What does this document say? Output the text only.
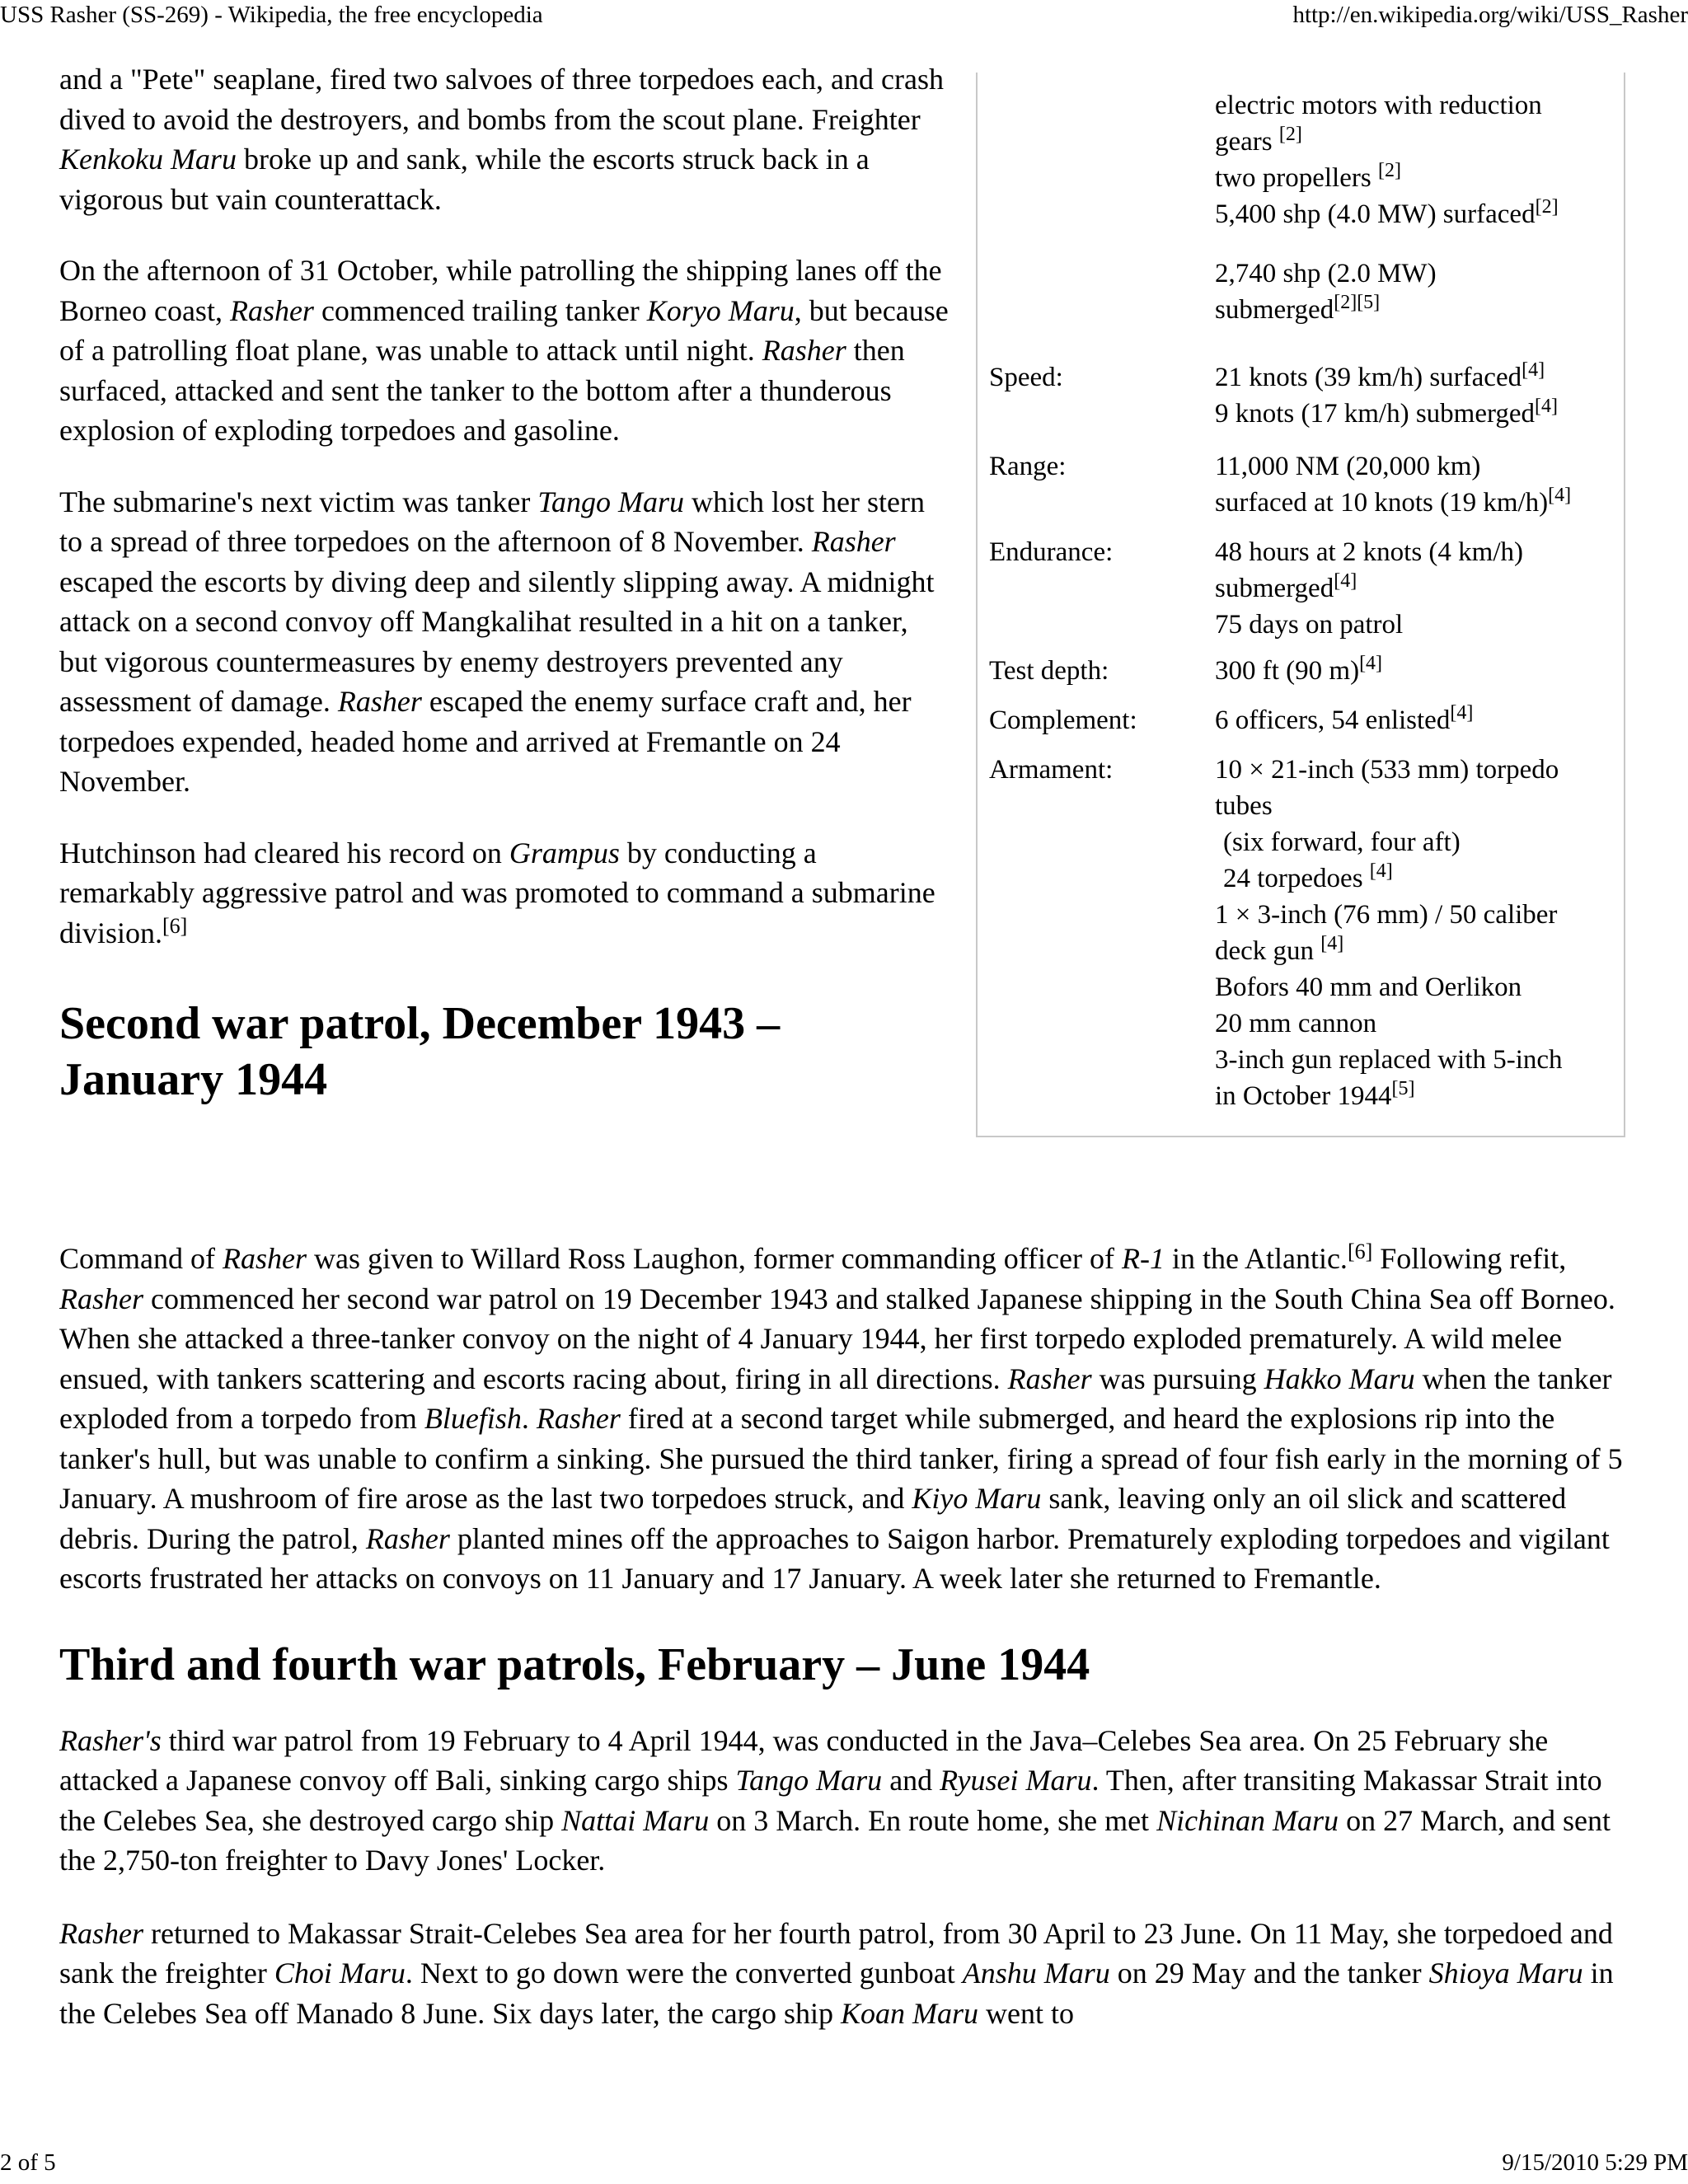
USS Rasher (SS-269) - Wikipedia, the free encyclopedia	http://en.wikipedia.org/wiki/USS_Rasher
electric motors with reduction
gears [2]
two propellers [2]
5,400 shp (4.0 MW) surfaced[2]
2,740 shp (2.0 MW)
submerged[2][5]
Speed:	21 knots (39 km/h) surfaced[4]
9 knots (17 km/h) submerged[4]
Range:	11,000 NM (20,000 km)
surfaced at 10 knots (19 km/h)[4]
Endurance:	48 hours at 2 knots (4 km/h)
submerged[4]
75 days on patrol
Test depth:	300 ft (90 m)[4]
Complement:	6 officers, 54 enlisted[4]
Armament:	10 × 21-inch (533 mm) torpedo
tubes
(six forward, four aft)
24 torpedoes [4]
1 × 3-inch (76 mm) / 50 caliber
deck gun [4]
Bofors 40 mm and Oerlikon
20 mm cannon
3-inch gun replaced with 5-inch
in October 1944[5]

and a "Pete" seaplane, fired two salvoes of three torpedoes each, and crash dived to avoid the destroyers, and bombs from the scout plane. Freighter Kenkoku Maru broke up and sank, while the escorts struck back in a vigorous but vain counterattack.

On the afternoon of 31 October, while patrolling the shipping lanes off the Borneo coast, Rasher commenced trailing tanker Koryo Maru, but because of a patrolling float plane, was unable to attack until night. Rasher then surfaced, attacked and sent the tanker to the bottom after a thunderous explosion of exploding torpedoes and gasoline.

The submarine's next victim was tanker Tango Maru which lost her stern to a spread of three torpedoes on the afternoon of 8 November. Rasher escaped the escorts by diving deep and silently slipping away. A midnight attack on a second convoy off Mangkalihat resulted in a hit on a tanker, but vigorous countermeasures by enemy destroyers prevented any assessment of damage. Rasher escaped the enemy surface craft and, her torpedoes expended, headed home and arrived at Fremantle on 24 November.

Hutchinson had cleared his record on Grampus by conducting a remarkably aggressive patrol and was promoted to command a submarine division.[6]

Second war patrol, December 1943 –
January 1944

Command of Rasher was given to Willard Ross Laughon, former commanding officer of R-1 in the Atlantic.[6] Following refit, Rasher commenced her second war patrol on 19 December 1943 and stalked Japanese shipping in the South China Sea off Borneo. When she attacked a three-tanker convoy on the night of 4 January 1944, her first torpedo exploded prematurely. A wild melee ensued, with tankers scattering and escorts racing about, firing in all directions. Rasher was pursuing Hakko Maru when the tanker exploded from a torpedo from Bluefish. Rasher fired at a second target while submerged, and heard the explosions rip into the tanker's hull, but was unable to confirm a sinking. She pursued the third tanker, firing a spread of four fish early in the morning of 5 January. A mushroom of fire arose as the last two torpedoes struck, and Kiyo Maru sank, leaving only an oil slick and scattered debris. During the patrol, Rasher planted mines off the approaches to Saigon harbor. Prematurely exploding torpedoes and vigilant escorts frustrated her attacks on convoys on 11 January and 17 January. A week later she returned to Fremantle.

Third and fourth war patrols, February – June 1944

Rasher's third war patrol from 19 February to 4 April 1944, was conducted in the Java–Celebes Sea area. On 25 February she attacked a Japanese convoy off Bali, sinking cargo ships Tango Maru and Ryusei Maru. Then, after transiting Makassar Strait into the Celebes Sea, she destroyed cargo ship Nattai Maru on 3 March. En route home, she met Nichinan Maru on 27 March, and sent the 2,750-ton freighter to Davy Jones' Locker.

Rasher returned to Makassar Strait-Celebes Sea area for her fourth patrol, from 30 April to 23 June. On 11 May, she torpedoed and sank the freighter Choi Maru. Next to go down were the converted gunboat Anshu Maru on 29 May and the tanker Shioya Maru in the Celebes Sea off Manado 8 June. Six days later, the cargo ship Koan Maru went to

2 of 5	9/15/2010 5:29 PM
